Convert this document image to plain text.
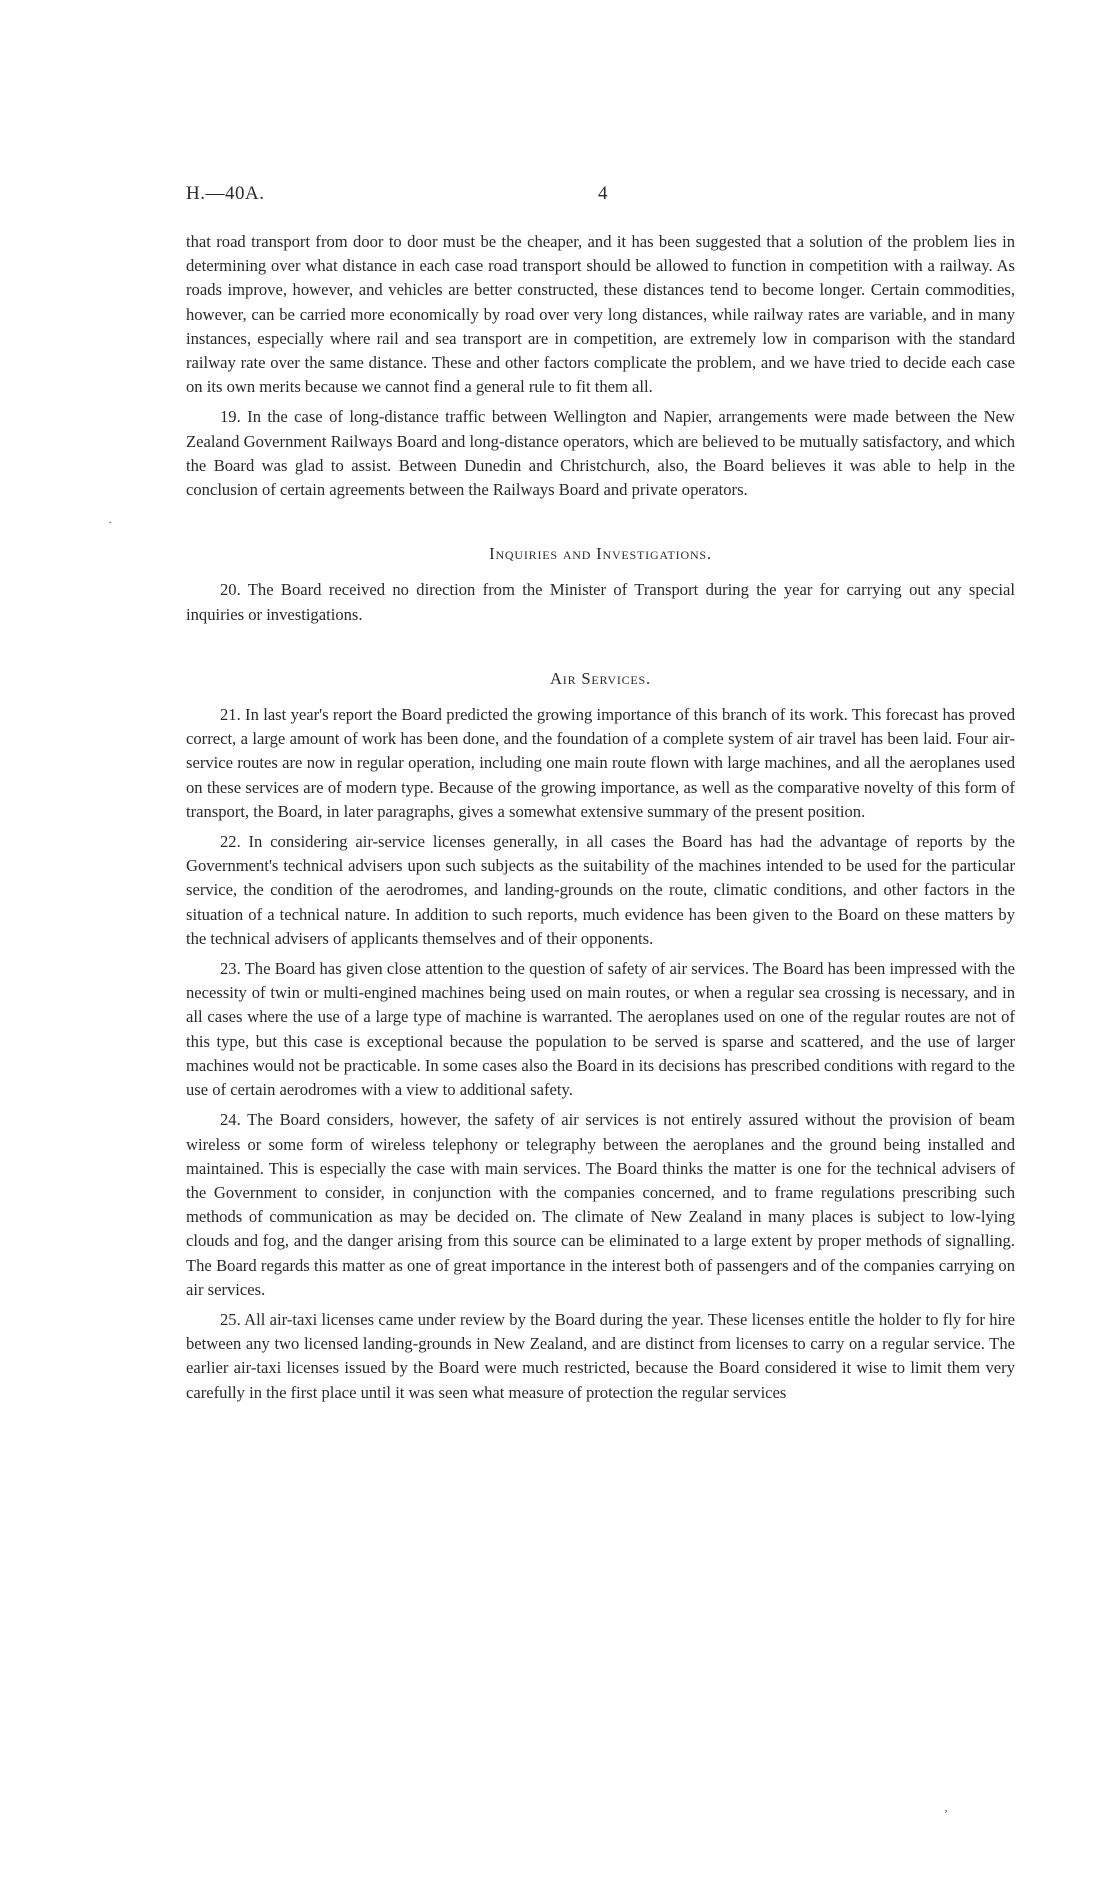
H.—40A.	4
·

that road transport from door to door must be the cheaper, and it has been suggested that a solution of the problem lies in determining over what distance in each case road transport should be allowed to function in competition with a railway. As roads improve, however, and vehicles are better constructed, these distances tend to become longer. Certain commodities, however, can be carried more economically by road over very long distances, while railway rates are variable, and in many instances, especially where rail and sea transport are in competition, are extremely low in comparison with the standard railway rate over the same distance. These and other factors complicate the problem, and we have tried to decide each case on its own merits because we cannot find a general rule to fit them all.

19. In the case of long-distance traffic between Wellington and Napier, arrangements were made between the New Zealand Government Railways Board and long-distance operators, which are believed to be mutually satisfactory, and which the Board was glad to assist. Between Dunedin and Christchurch, also, the Board believes it was able to help in the conclusion of certain agreements between the Railways Board and private operators.

Inquiries and Investigations.

20. The Board received no direction from the Minister of Transport during the year for carrying out any special inquiries or investigations.

Air Services.

21. In last year's report the Board predicted the growing importance of this branch of its work. This forecast has proved correct, a large amount of work has been done, and the foundation of a complete system of air travel has been laid. Four air-service routes are now in regular operation, including one main route flown with large machines, and all the aeroplanes used on these services are of modern type. Because of the growing importance, as well as the comparative novelty of this form of transport, the Board, in later paragraphs, gives a somewhat extensive summary of the present position.

22. In considering air-service licenses generally, in all cases the Board has had the advantage of reports by the Government's technical advisers upon such subjects as the suitability of the machines intended to be used for the particular service, the condition of the aerodromes, and landing-grounds on the route, climatic conditions, and other factors in the situation of a technical nature. In addition to such reports, much evidence has been given to the Board on these matters by the technical advisers of applicants themselves and of their opponents.

23. The Board has given close attention to the question of safety of air services. The Board has been impressed with the necessity of twin or multi-engined machines being used on main routes, or when a regular sea crossing is necessary, and in all cases where the use of a large type of machine is warranted. The aeroplanes used on one of the regular routes are not of this type, but this case is exceptional because the population to be served is sparse and scattered, and the use of larger machines would not be practicable. In some cases also the Board in its decisions has prescribed conditions with regard to the use of certain aerodromes with a view to additional safety.

24. The Board considers, however, the safety of air services is not entirely assured without the provision of beam wireless or some form of wireless telephony or telegraphy between the aeroplanes and the ground being installed and maintained. This is especially the case with main services. The Board thinks the matter is one for the technical advisers of the Government to consider, in conjunction with the companies concerned, and to frame regulations prescribing such methods of communication as may be decided on. The climate of New Zealand in many places is subject to low-lying clouds and fog, and the danger arising from this source can be eliminated to a large extent by proper methods of signalling. The Board regards this matter as one of great importance in the interest both of passengers and of the companies carrying on air services.

25. All air-taxi licenses came under review by the Board during the year. These licenses entitle the holder to fly for hire between any two licensed landing-grounds in New Zealand, and are distinct from licenses to carry on a regular service. The earlier air-taxi licenses issued by the Board were much restricted, because the Board considered it wise to limit them very carefully in the first place until it was seen what measure of protection the regular services

‚
